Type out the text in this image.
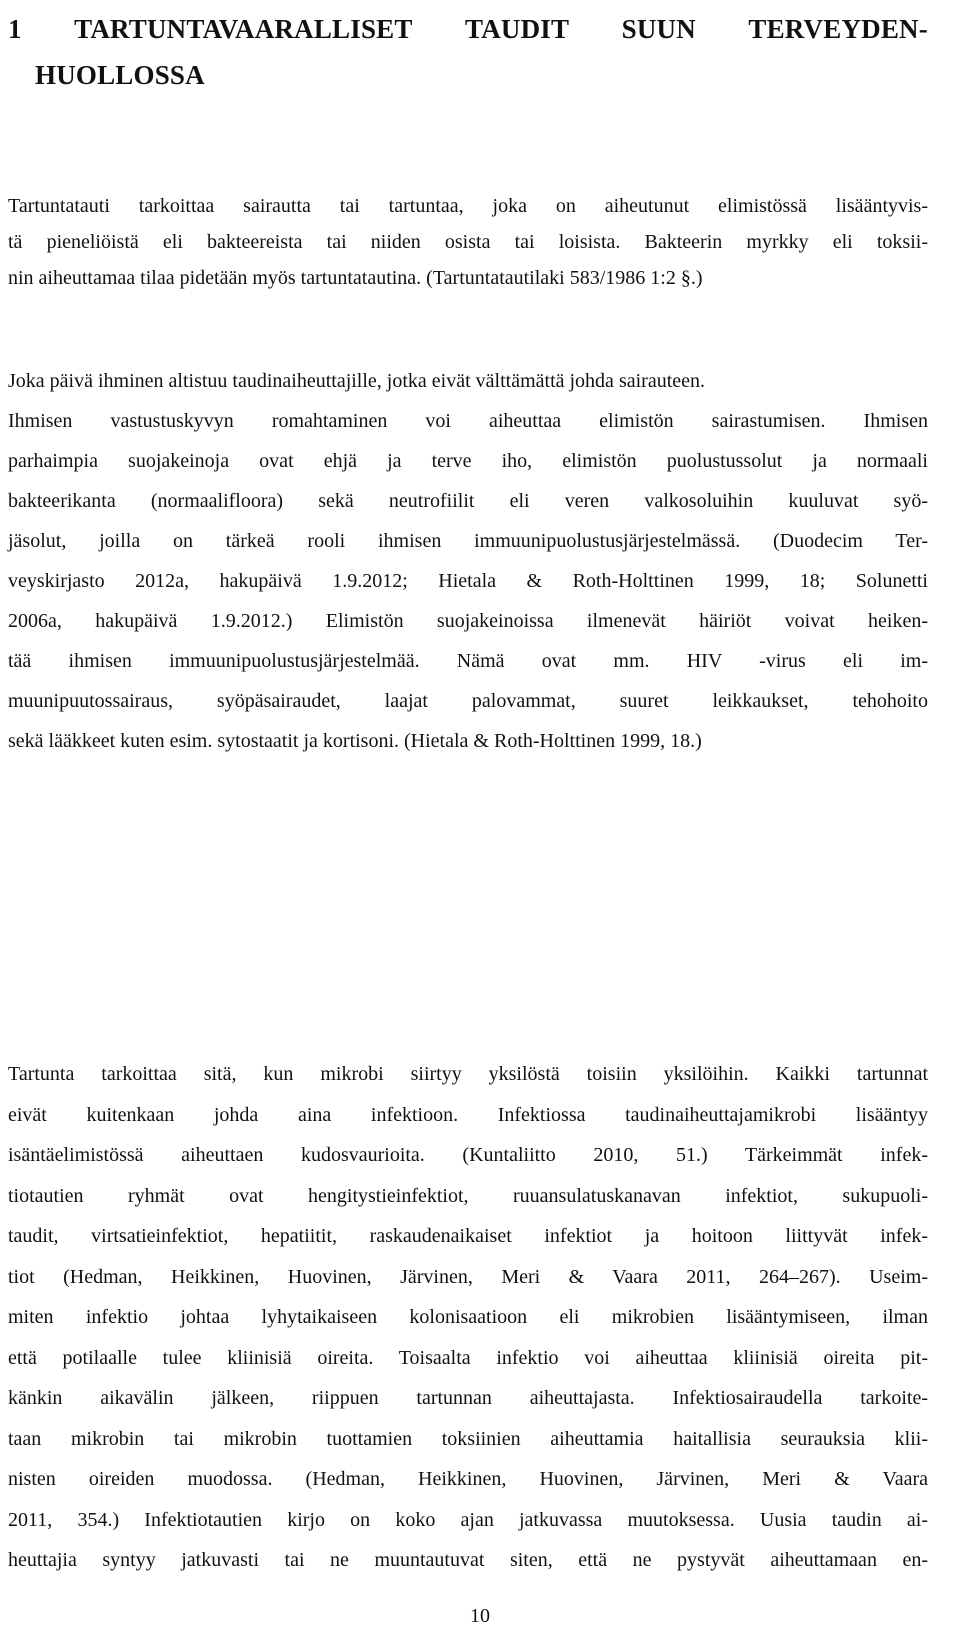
1 TARTUNTAVAARALLISET TAUDIT SUUN TERVEYDEN-
HUOLLOSSA
Tartuntatauti tarkoittaa sairautta tai tartuntaa, joka on aiheutunut elimistössä lisääntyvis-
tä pieneliöistä eli bakteereista tai niiden osista tai loisista. Bakteerin myrkky eli toksii-
nin aiheuttamaa tilaa pidetään myös tartuntatautina. (Tartuntatautilaki 583/1986 1:2 §.)
Joka päivä ihminen altistuu taudinaiheuttajille, jotka eivät välttämättä johda sairauteen.
Ihmisen vastustuskyvyn romahtaminen voi aiheuttaa elimistön sairastumisen. Ihmisen
parhaimpia suojakeinoja ovat ehjä ja terve iho, elimistön puolustussolut ja normaali
bakteerikanta (normaalifloora) sekä neutrofiilit eli veren valkosoluihin kuuluvat syö-
jäsolut, joilla on tärkeä rooli ihmisen immuunipuolustusjärjestelmässä. (Duodecim Ter-
veyskirjasto 2012a, hakupäivä 1.9.2012; Hietala & Roth-Holttinen 1999, 18; Solunetti
2006a, hakupäivä 1.9.2012.) Elimistön suojakeinoissa ilmenevät häiriöt voivat heiken-
tää ihmisen immuunipuolustusjärjestelmää. Nämä ovat mm. HIV -virus eli im-
muunipuutossairaus, syöpäsairaudet, laajat palovammat, suuret leikkaukset, tehohoito
sekä lääkkeet kuten esim. sytostaatit ja kortisoni. (Hietala & Roth-Holttinen 1999, 18.)
Tartunta tarkoittaa sitä, kun mikrobi siirtyy yksilöstä toisiin yksilöihin. Kaikki tartunnat
eivät kuitenkaan johda aina infektioon. Infektiossa taudinaiheuttajamikrobi lisääntyy
isäntäelimistössä aiheuttaen kudosvaurioita. (Kuntaliitto 2010, 51.) Tärkeimmät infek-
tiotautien ryhmät ovat hengitystieinfektiot, ruuansulatuskanavan infektiot, sukupuoli-
taudit, virtsatieinfektiot, hepatiitit, raskaudenaikaiset infektiot ja hoitoon liittyvät infek-
tiot (Hedman, Heikkinen, Huovinen, Järvinen, Meri & Vaara 2011, 264–267). Useim-
miten infektio johtaa lyhytaikaiseen kolonisaatioon eli mikrobien lisääntymiseen, ilman
että potilaalle tulee kliinisiä oireita. Toisaalta infektio voi aiheuttaa kliinisiä oireita pit-
känkin aikavälin jälkeen, riippuen tartunnan aiheuttajasta. Infektiosairaudella tarkoite-
taan mikrobin tai mikrobin tuottamien toksiinien aiheuttamia haitallisia seurauksia klii-
nisten oireiden muodossa. (Hedman, Heikkinen, Huovinen, Järvinen, Meri & Vaara
2011, 354.) Infektiotautien kirjo on koko ajan jatkuvassa muutoksessa. Uusia taudin ai-
heuttajia syntyy jatkuvasti tai ne muuntautuvat siten, että ne pystyvät aiheuttamaan en-
10
